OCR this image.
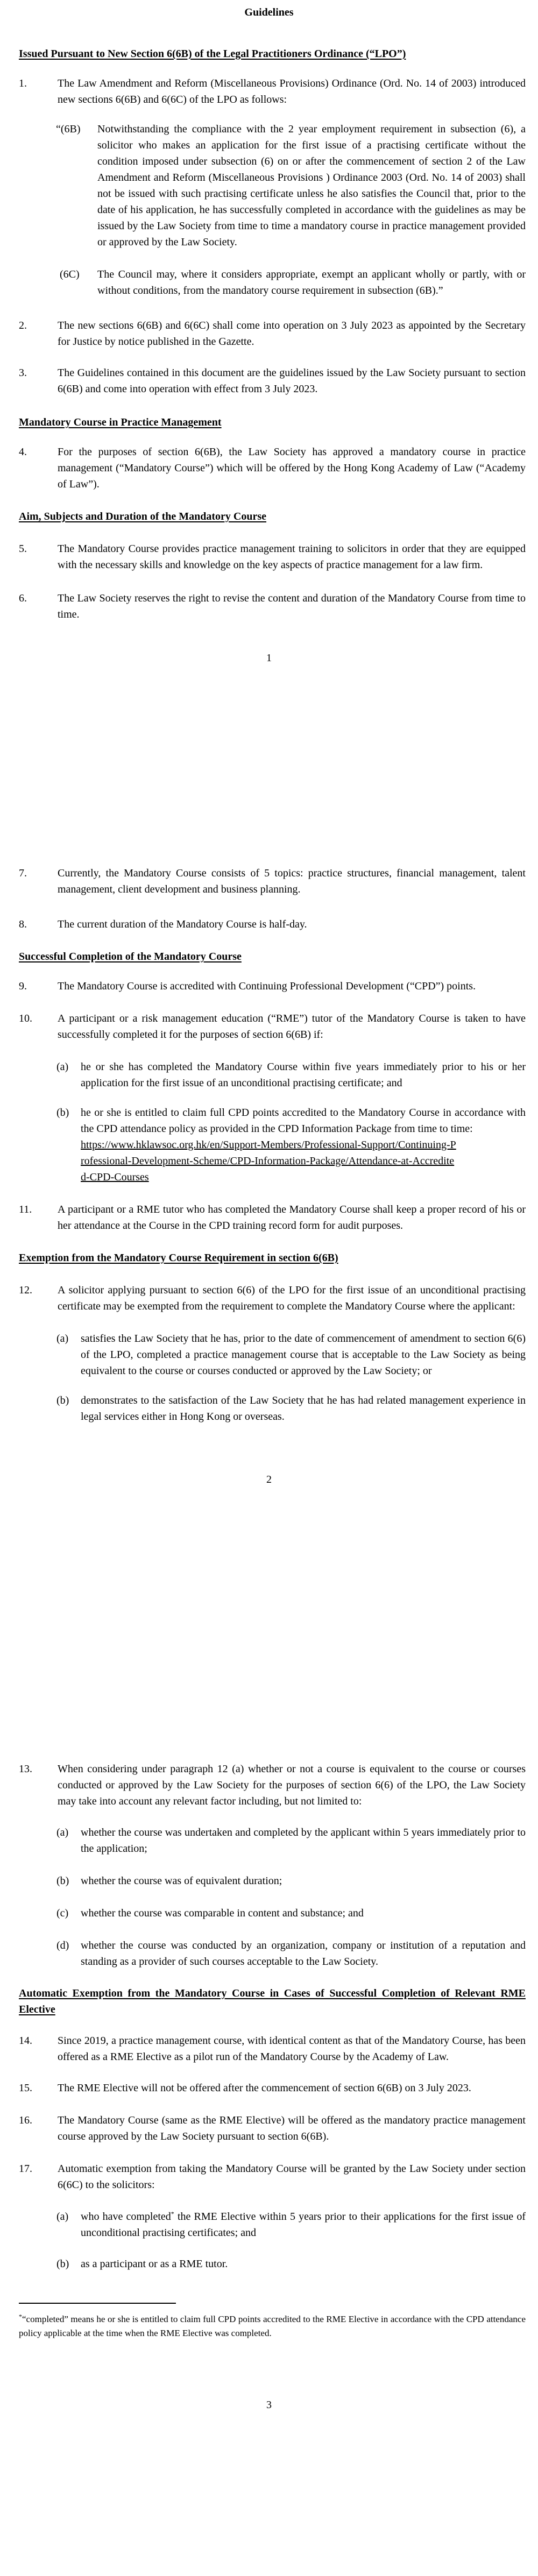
Guidelines
Issued Pursuant to New Section 6(6B) of the Legal Practitioners Ordinance (“LPO”)
1.	The Law Amendment and Reform (Miscellaneous Provisions) Ordinance (Ord. No. 14 of 2003) introduced new sections 6(6B) and 6(6C) of the LPO as follows:
“(6B) Notwithstanding the compliance with the 2 year employment requirement in subsection (6), a solicitor who makes an application for the first issue of a practising certificate without the condition imposed under subsection (6) on or after the commencement of section 2 of the Law Amendment and Reform (Miscellaneous Provisions ) Ordinance 2003 (Ord. No. 14 of 2003) shall not be issued with such practising certificate unless he also satisfies the Council that, prior to the date of his application, he has successfully completed in accordance with the guidelines as may be issued by the Law Society from time to time a mandatory course in practice management provided or approved by the Law Society.
(6C) The Council may, where it considers appropriate, exempt an applicant wholly or partly, with or without conditions, from the mandatory course requirement in subsection (6B).”
2.	The new sections 6(6B) and 6(6C) shall come into operation on 3 July 2023 as appointed by the Secretary for Justice by notice published in the Gazette.
3.	The Guidelines contained in this document are the guidelines issued by the Law Society pursuant to section 6(6B) and come into operation with effect from 3 July 2023.
Mandatory Course in Practice Management
4.	For the purposes of section 6(6B), the Law Society has approved a mandatory course in practice management (“Mandatory Course”) which will be offered by the Hong Kong Academy of Law (“Academy of Law”).
Aim, Subjects and Duration of the Mandatory Course
5.	The Mandatory Course provides practice management training to solicitors in order that they are equipped with the necessary skills and knowledge on the key aspects of practice management for a law firm.
6.	The Law Society reserves the right to revise the content and duration of the Mandatory Course from time to time.
1
7.	Currently, the Mandatory Course consists of 5 topics: practice structures, financial management, talent management, client development and business planning.
8.	The current duration of the Mandatory Course is half-day.
Successful Completion of the Mandatory Course
9.	The Mandatory Course is accredited with Continuing Professional Development (“CPD”) points.
10. A participant or a risk management education (“RME”) tutor of the Mandatory Course is taken to have successfully completed it for the purposes of section 6(6B) if:
(a) he or she has completed the Mandatory Course within five years immediately prior to his or her application for the first issue of an unconditional practising certificate; and
(b) he or she is entitled to claim full CPD points accredited to the Mandatory Course in accordance with the CPD attendance policy as provided in the CPD Information Package from time to time:
https://www.hklawsoc.org.hk/en/Support-Members/Professional-Support/Continuing-Professional-Development-Scheme/CPD-Information-Package/Attendance-at-Accredited-CPD-Courses
11. A participant or a RME tutor who has completed the Mandatory Course shall keep a proper record of his or her attendance at the Course in the CPD training record form for audit purposes.
Exemption from the Mandatory Course Requirement in section 6(6B)
12. A solicitor applying pursuant to section 6(6) of the LPO for the first issue of an unconditional practising certificate may be exempted from the requirement to complete the Mandatory Course where the applicant:
(a) satisfies the Law Society that he has, prior to the date of commencement of amendment to section 6(6) of the LPO, completed a practice management course that is acceptable to the Law Society as being equivalent to the course or courses conducted or approved by the Law Society; or
(b) demonstrates to the satisfaction of the Law Society that he has had related management experience in legal services either in Hong Kong or overseas.
2
13. When considering under paragraph 12 (a) whether or not a course is equivalent to the course or courses conducted or approved by the Law Society for the purposes of section 6(6) of the LPO, the Law Society may take into account any relevant factor including, but not limited to:
(a) whether the course was undertaken and completed by the applicant within 5 years immediately prior to the application;
(b) whether the course was of equivalent duration;
(c) whether the course was comparable in content and substance; and
(d) whether the course was conducted by an organization, company or institution of a reputation and standing as a provider of such courses acceptable to the Law Society.
Automatic Exemption from the Mandatory Course in Cases of Successful Completion of Relevant RME Elective
14. Since 2019, a practice management course, with identical content as that of the Mandatory Course, has been offered as a RME Elective as a pilot run of the Mandatory Course by the Academy of Law.
15. The RME Elective will not be offered after the commencement of section 6(6B) on 3 July 2023.
16. The Mandatory Course (same as the RME Elective) will be offered as the mandatory practice management course approved by the Law Society pursuant to section 6(6B).
17. Automatic exemption from taking the Mandatory Course will be granted by the Law Society under section 6(6C) to the solicitors:
(a) who have completed* the RME Elective within 5 years prior to their applications for the first issue of unconditional practising certificates; and
(b) as a participant or as a RME tutor.
*“completed” means he or she is entitled to claim full CPD points accredited to the RME Elective in accordance with the CPD attendance policy applicable at the time when the RME Elective was completed.
3
